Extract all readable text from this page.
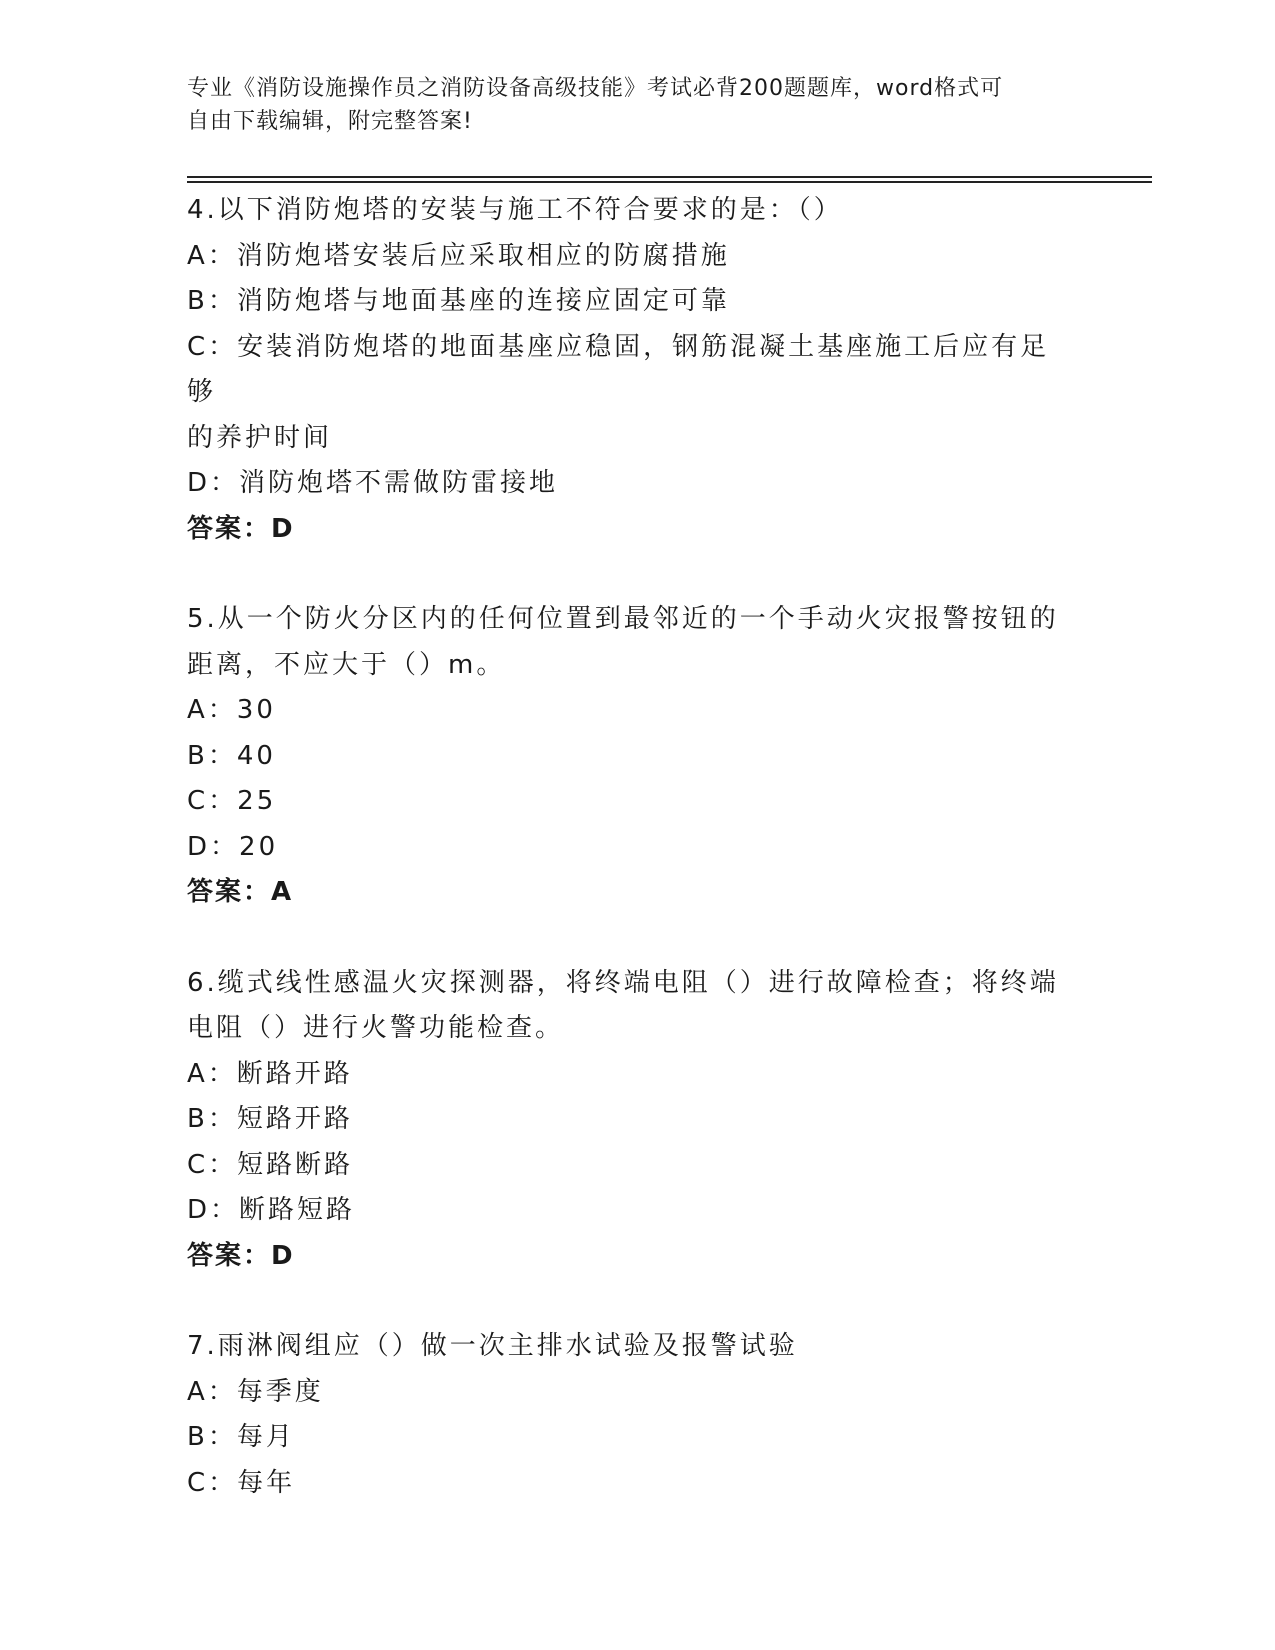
专业《消防设施操作员之消防设备高级技能》考试必背200题题库，word格式可
自由下载编辑，附完整答案!

4.以下消防炮塔的安装与施工不符合要求的是：（）

A：消防炮塔安装后应采取相应的防腐措施

B：消防炮塔与地面基座的连接应固定可靠

C：安装消防炮塔的地面基座应稳固，钢筋混凝土基座施工后应有足够

的养护时间

D：消防炮塔不需做防雷接地

答案：D

5.从一个防火分区内的任何位置到最邻近的一个手动火灾报警按钮的

距离，不应大于（）m。

A：30

B：40

C：25

D：20

答案：A

6.缆式线性感温火灾探测器，将终端电阻（）进行故障检查；将终端

电阻（）进行火警功能检查。

A：断路开路

B：短路开路

C：短路断路

D：断路短路

答案：D

7.雨淋阀组应（）做一次主排水试验及报警试验

A：每季度

B：每月

C：每年
